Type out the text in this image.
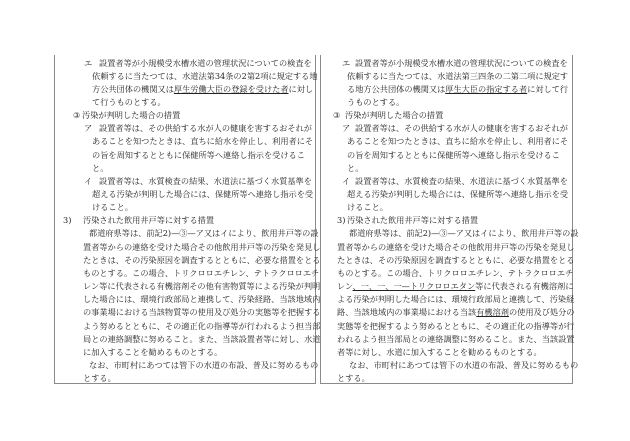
エ 設置者等が小規模受水槽水道の管理状況についての検査を
依頼するに当たつては、水道法第34条の2第2項に規定する地
方公共団体の機関又は厚生労働大臣の登録を受けた者に対し
て行うものとする。
③ 汚染が判明した場合の措置
ア 設置者等は、その供給する水が人の健康を害するおそれが
あることを知つたときは、直ちに給水を停止し、利用者にそ
の旨を周知するとともに保健所等へ連絡し指示を受けるこ
と。
イ 設置者等は、水質検査の結果、水道法に基づく水質基準を
超える汚染が判明した場合には、保健所等へ連絡し指示を受
けること。
3) 汚染された飲用井戸等に対する措置
都道府県等は、前記2)—③—ア又はイにより、飲用井戸等の設
置者等からの連絡を受けた場合その他飲用井戸等の汚染を発見し
たときは、その汚染原因を調査するとともに、必要な措置をとる
ものとする。この場合、トリクロロエチレン、テトラクロロエチ
レン等に代表される有機溶剤その他有害物質等による汚染が判明
した場合には、環境行政部局と連携して、汚染経路、当該地域内
の事業場における当該物質等の使用及び処分の実態等を把握する
よう努めるとともに、その適正化の指導等が行われるよう担当部
局との連絡調整に努めること。また、当該設置者等に対し、水道
に加入することを勧めるものとする。
なお、市町村にあつては管下の水道の布設、普及に努めるもの
とする。
エ 設置者等が小規模受水槽水道の管理状況についての検査を
依頼するに当たつては、水道法第三四条の二第二項に規定す
る地方公共団体の機関又は厚生大臣の指定する者に対して行
うものとする。
③ 汚染が判明した場合の措置
ア 設置者等は、その供給する水が人の健康を害するおそれが
あることを知つたときは、直ちに給水を停止し、利用者にそ
の旨を周知するとともに保健所等へ連絡し指示を受けるこ
と。
イ 設置者等は、水質検査の結果、水道法に基づく水質基準を
超える汚染が判明した場合には、保健所等へ連絡し指示を受
けること。
3) 汚染された飲用井戸等に対する措置
都道府県等は、前記2)—③—ア又はイにより、飲用井戸等の設
置者等からの連絡を受けた場合その他飲用井戸等の汚染を発見し
たときは、その汚染原因を調査するとともに、必要な措置をとる
ものとする。この場合、トリクロロエチレン、テトラクロロエチ
レン、一、一、一—トリクロロエタン等に代表される有機溶剤に
よる汚染が判明した場合には、環境行政部局と連携して、汚染経
路、当該地域内の事業場における当該有機溶剤の使用及び処分の
実態等を把握するよう努めるとともに、その適正化の指導等が行
われるよう担当部局との連絡調整に努めること。また、当該設置
者等に対し、水道に加入することを勧めるものとする。
なお、市町村にあつては管下の水道の布設、普及に努めるもの
とする。
